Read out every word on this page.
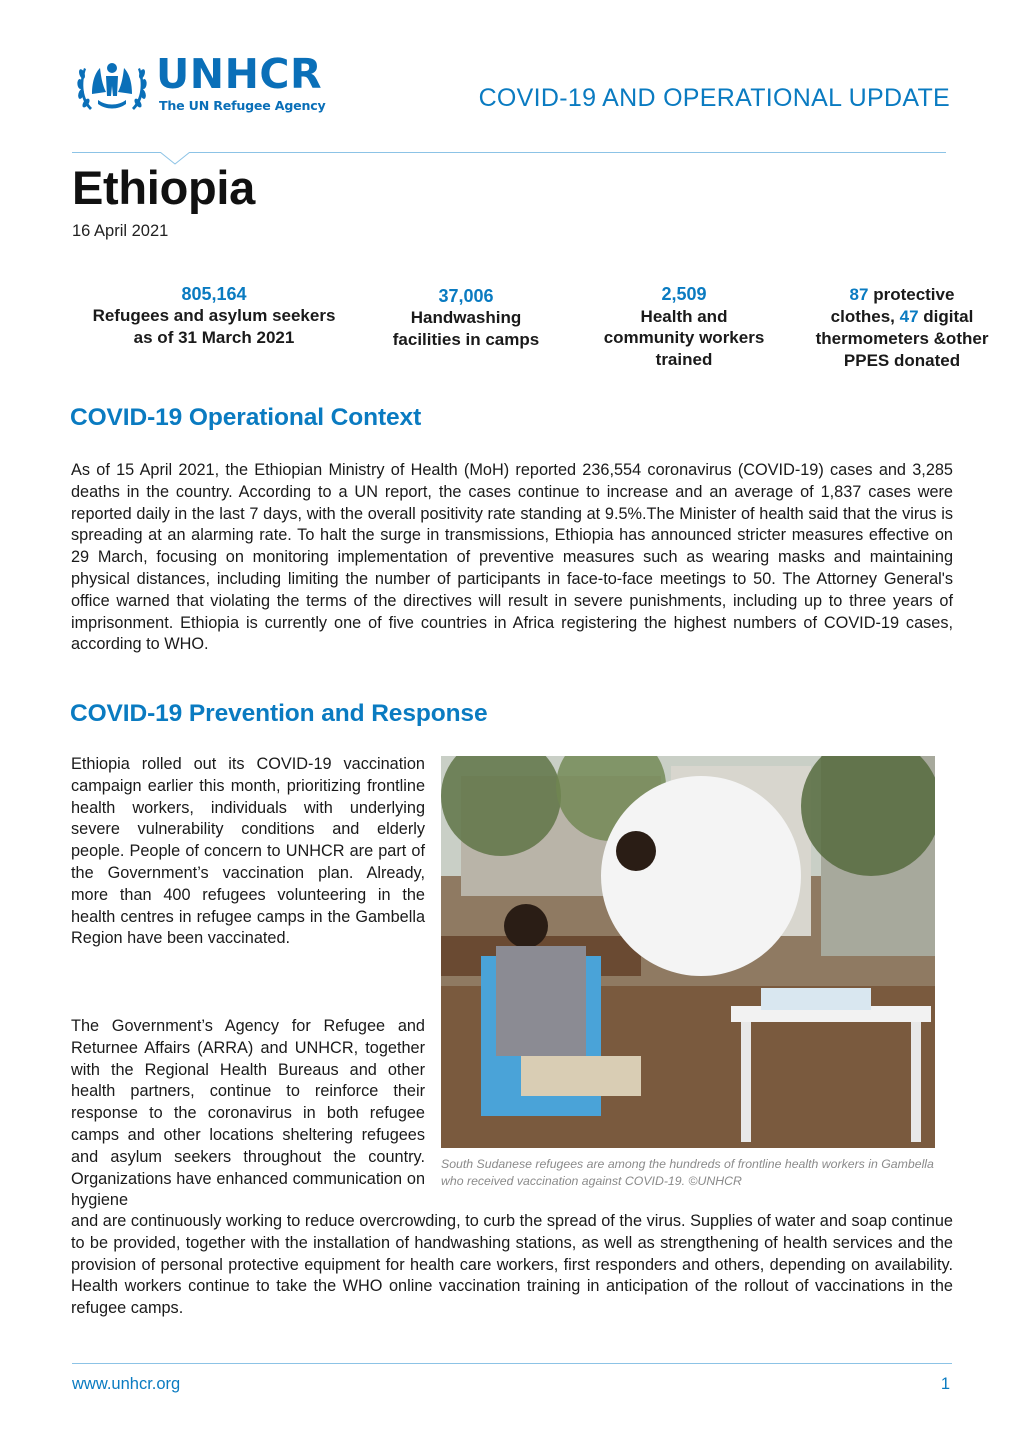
UNHCR
The UN Refugee Agency	COVID-19 AND OPERATIONAL UPDATE
Ethiopia
16 April 2021
805,164
Refugees and asylum seekers
as of 31 March 2021
37,006
Handwashing
facilities in camps
2,509
Health and
community workers
trained
87 protective
clothes, 47 digital
thermometers &other
PPES donated
COVID-19 Operational Context

As of 15 April 2021, the Ethiopian Ministry of Health (MoH) reported 236,554 coronavirus (COVID-19) cases and 3,285 deaths in the country. According to a UN report, the cases continue to increase and an average of 1,837 cases were reported daily in the last 7 days, with the overall positivity rate standing at 9.5%.The Minister of health said that the virus is spreading at an alarming rate. To halt the surge in transmissions, Ethiopia has announced stricter measures effective on 29 March, focusing on monitoring implementation of preventive measures such as wearing masks and maintaining physical distances, including limiting the number of participants in face-to-face meetings to 50. The Attorney General's office warned that violating the terms of the directives will result in severe punishments, including up to three years of imprisonment. Ethiopia is currently one of five countries in Africa registering the highest numbers of COVID-19 cases, according to WHO.

COVID-19 Prevention and Response

Ethiopia rolled out its COVID-19 vaccination campaign earlier this month, prioritizing frontline health workers, individuals with underlying severe vulnerability conditions and elderly people. People of concern to UNHCR are part of the Government’s vaccination plan. Already, more than 400 refugees volunteering in the health centres in refugee camps in the Gambella Region have been vaccinated.

The Government’s Agency for Refugee and Returnee Affairs (ARRA) and UNHCR, together with the Regional Health Bureaus and other health partners, continue to reinforce their response to the coronavirus in both refugee camps and other locations sheltering refugees and asylum seekers throughout the country. Organizations have enhanced communication on hygiene

and are continuously working to reduce overcrowding, to curb the spread of the virus. Supplies of water and soap continue to be provided, together with the installation of handwashing stations, as well as strengthening of health services and the provision of personal protective equipment for health care workers, first responders and others, depending on availability. Health workers continue to take the WHO online vaccination training in anticipation of the rollout of vaccinations in the refugee camps.

South Sudanese refugees are among the hundreds of frontline health workers in Gambella who received vaccination against COVID-19. ©UNHCR

www.unhcr.org	1
